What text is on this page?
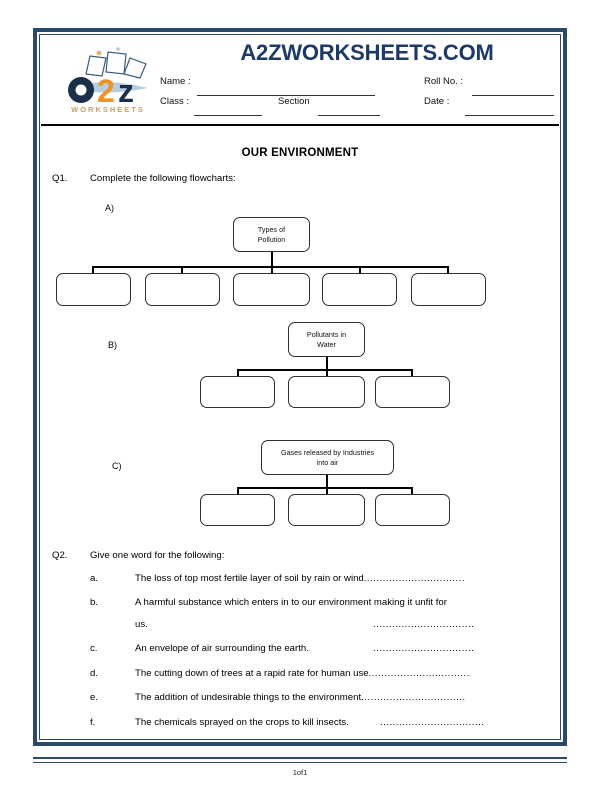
2 z
WORKSHEETS
A2ZWORKSHEETS.COM
Name :	Roll No. :
Class :	Section	Date :
OUR ENVIRONMENT
Q1. Complete the following flowcharts:
A)
Types of
Pollution
B)
Pollutants in
Water
C)
Gases released by Industries
into air
Q2. Give one word for the following:
a.	The loss of top most fertile layer of soil by rain or wind................................
b.	A harmful substance which enters in to our environment making it unfit for
us.	................................
c.	An envelope of air surrounding the earth.	................................
d.	The cutting down of trees at a rapid rate for human use................................
e.	The addition of undesirable things to the environment.................................
f.	The chemicals sprayed on the crops to kill insects.	.................................
1of1
